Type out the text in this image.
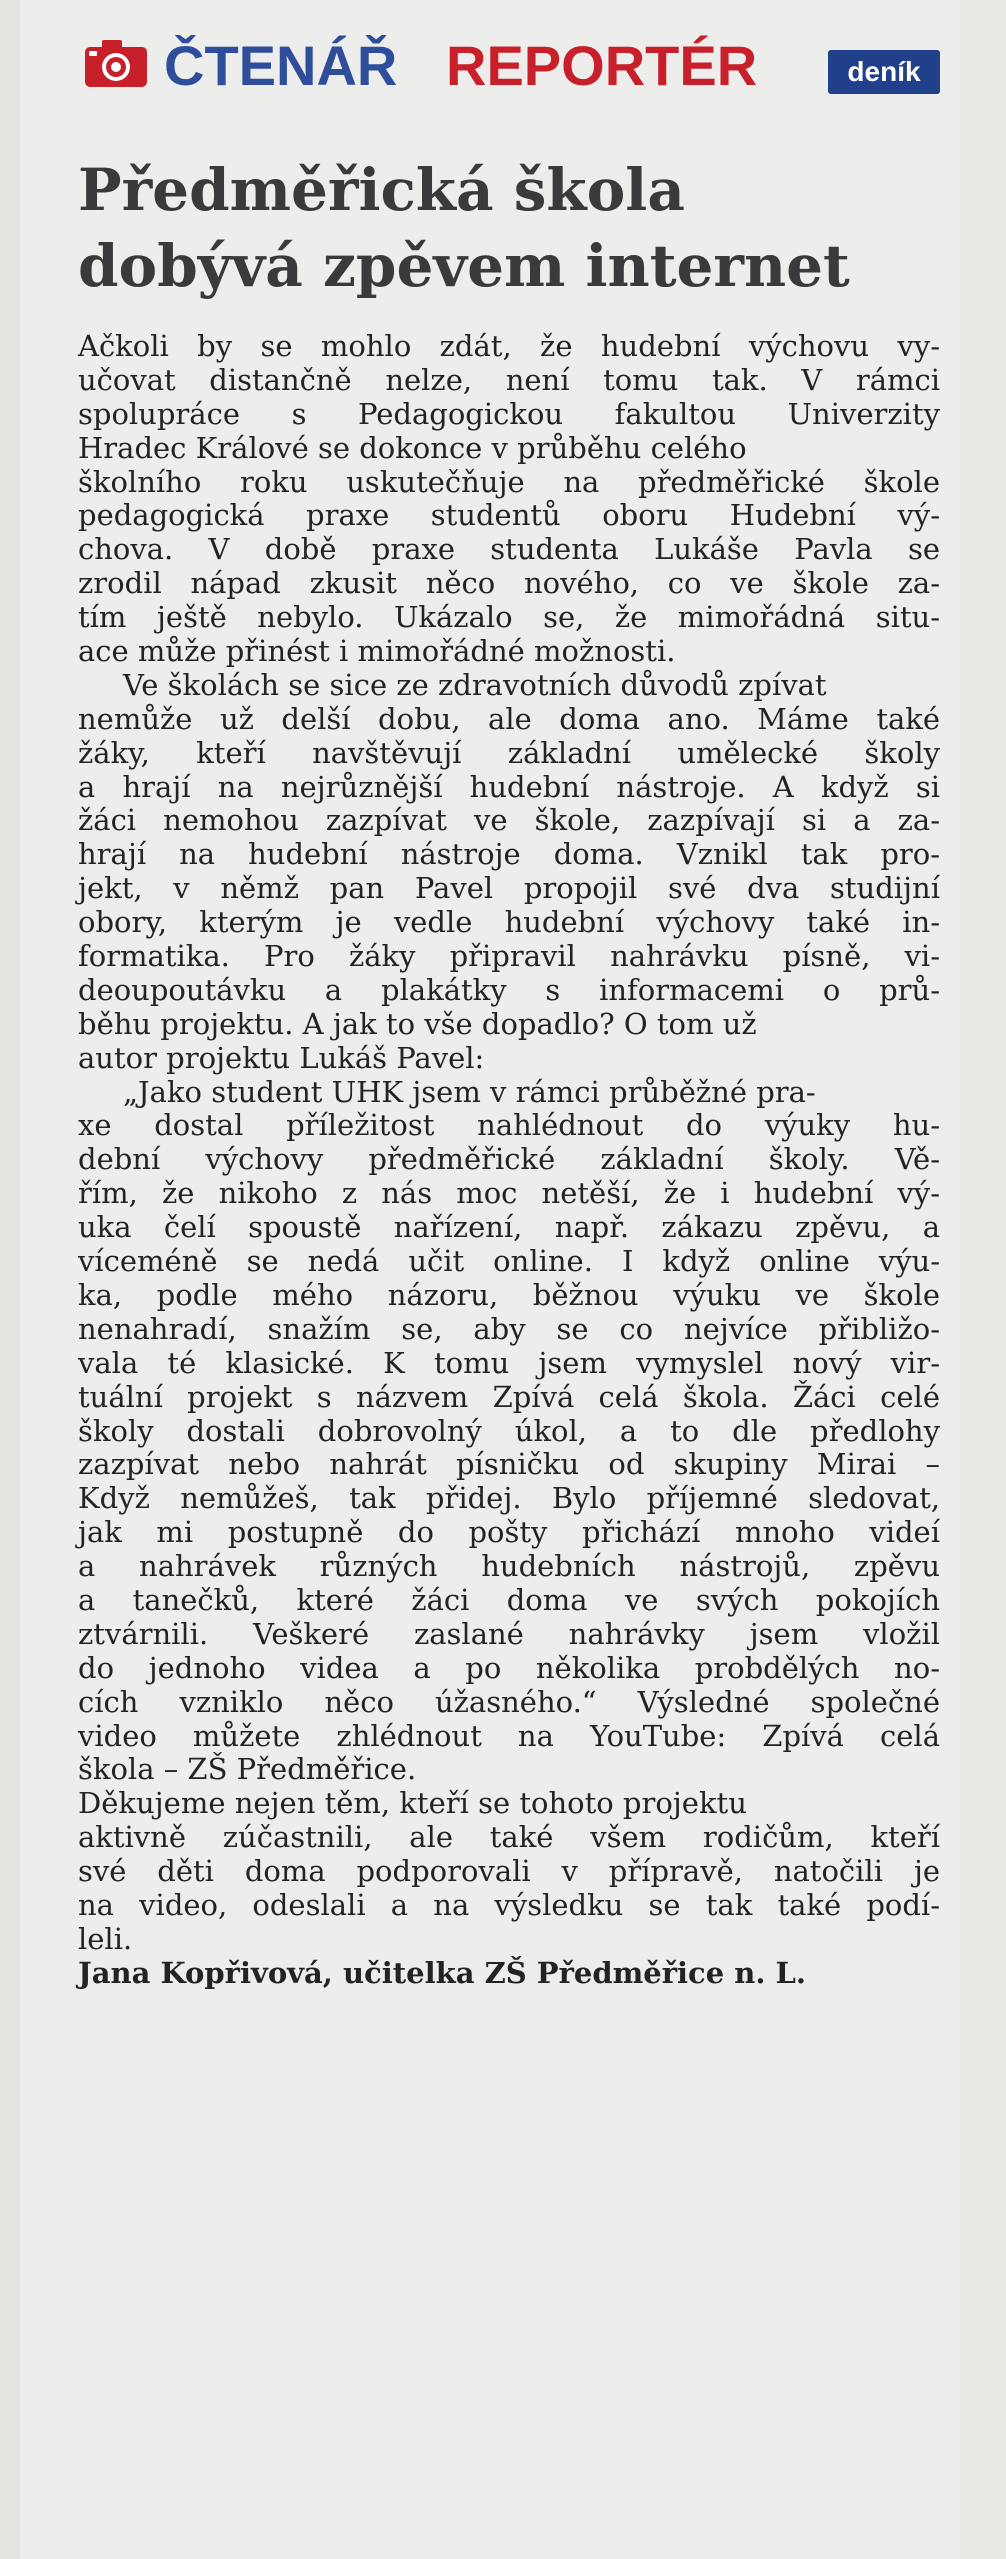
ČTENÁŘ REPORTÉR	deník
Předměřická škola
dobývá zpěvem internet
Ačkoli by se mohlo zdát, že hudební výchovu vy-
učovat distančně nelze, není tomu tak. V rámci
spolupráce s Pedagogickou fakultou Univerzity
Hradec Králové se dokonce v průběhu celého
školního roku uskutečňuje na předměřické škole
pedagogická praxe studentů oboru Hudební vý-
chova. V době praxe studenta Lukáše Pavla se
zrodil nápad zkusit něco nového, co ve škole za-
tím ještě nebylo. Ukázalo se, že mimořádná situ-
ace může přinést i mimořádné možnosti.
Ve školách se sice ze zdravotních důvodů zpívat
nemůže už delší dobu, ale doma ano. Máme také
žáky, kteří navštěvují základní umělecké školy
a hrají na nejrůznější hudební nástroje. A když si
žáci nemohou zazpívat ve škole, zazpívají si a za-
hrají na hudební nástroje doma. Vznikl tak pro-
jekt, v němž pan Pavel propojil své dva studijní
obory, kterým je vedle hudební výchovy také in-
formatika. Pro žáky připravil nahrávku písně, vi-
deoupoutávku a plakátky s informacemi o prů-
běhu projektu. A jak to vše dopadlo? O tom už
autor projektu Lukáš Pavel:
„Jako student UHK jsem v rámci průběžné pra-
xe dostal příležitost nahlédnout do výuky hu-
dební výchovy předměřické základní školy. Vě-
řím, že nikoho z nás moc netěší, že i hudební vý-
uka čelí spoustě nařízení, např. zákazu zpěvu, a
víceméně se nedá učit online. I když online výu-
ka, podle mého názoru, běžnou výuku ve škole
nenahradí, snažím se, aby se co nejvíce přibližo-
vala té klasické. K tomu jsem vymyslel nový vir-
tuální projekt s názvem Zpívá celá škola. Žáci celé
školy dostali dobrovolný úkol, a to dle předlohy
zazpívat nebo nahrát písničku od skupiny Mirai –
Když nemůžeš, tak přidej. Bylo příjemné sledovat,
jak mi postupně do pošty přichází mnoho videí
a nahrávek různých hudebních nástrojů, zpěvu
a tanečků, které žáci doma ve svých pokojích
ztvárnili. Veškeré zaslané nahrávky jsem vložil
do jednoho videa a po několika probdělých no-
cích vzniklo něco úžasného.“ Výsledné společné
video můžete zhlédnout na YouTube: Zpívá celá
škola – ZŠ Předměřice.
Děkujeme nejen těm, kteří se tohoto projektu
aktivně zúčastnili, ale také všem rodičům, kteří
své děti doma podporovali v přípravě, natočili je
na video, odeslali a na výsledku se tak také podí-
leli.
Jana Kopřivová, učitelka ZŠ Předměřice n. L.
